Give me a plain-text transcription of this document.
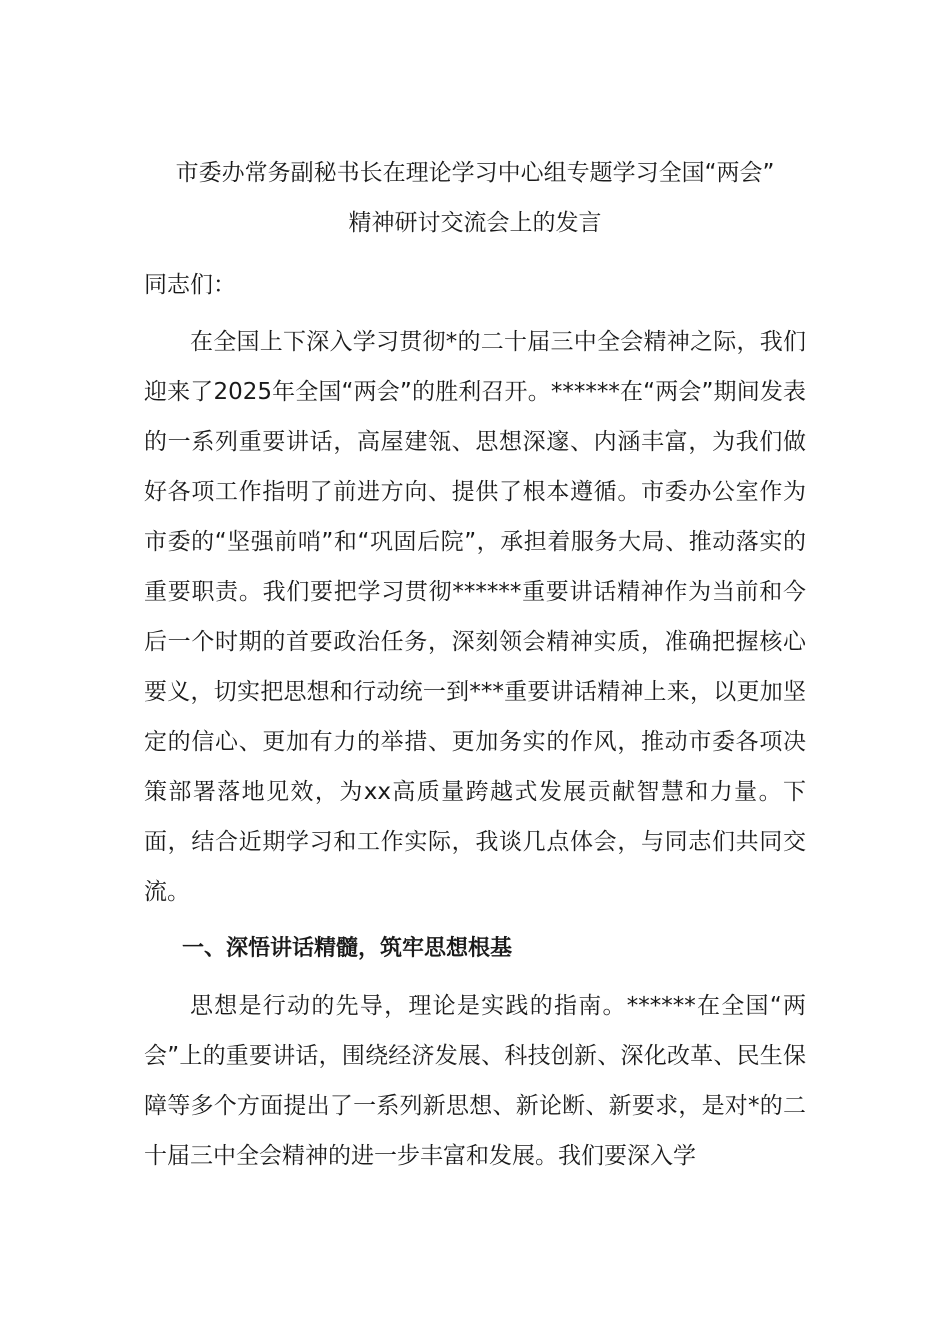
市委办常务副秘书长在理论学习中心组专题学习全国“两会”
精神研讨交流会上的发言

同志们：

在全国上下深入学习贯彻*的二十届三中全会精神之际，我们迎来了2025年全国“两会”的胜利召开。******在“两会”期间发表的一系列重要讲话，高屋建瓴、思想深邃、内涵丰富，为我们做好各项工作指明了前进方向、提供了根本遵循。市委办公室作为市委的“坚强前哨”和“巩固后院”，承担着服务大局、推动落实的重要职责。我们要把学习贯彻******重要讲话精神作为当前和今后一个时期的首要政治任务，深刻领会精神实质，准确把握核心要义，切实把思想和行动统一到***重要讲话精神上来，以更加坚定的信心、更加有力的举措、更加务实的作风，推动市委各项决策部署落地见效，为xx高质量跨越式发展贡献智慧和力量。下面，结合近期学习和工作实际，我谈几点体会，与同志们共同交流。

一、深悟讲话精髓，筑牢思想根基

思想是行动的先导，理论是实践的指南。******在全国“两会”上的重要讲话，围绕经济发展、科技创新、深化改革、民生保障等多个方面提出了一系列新思想、新论断、新要求，是对*的二十届三中全会精神的进一步丰富和发展。我们要深入学
